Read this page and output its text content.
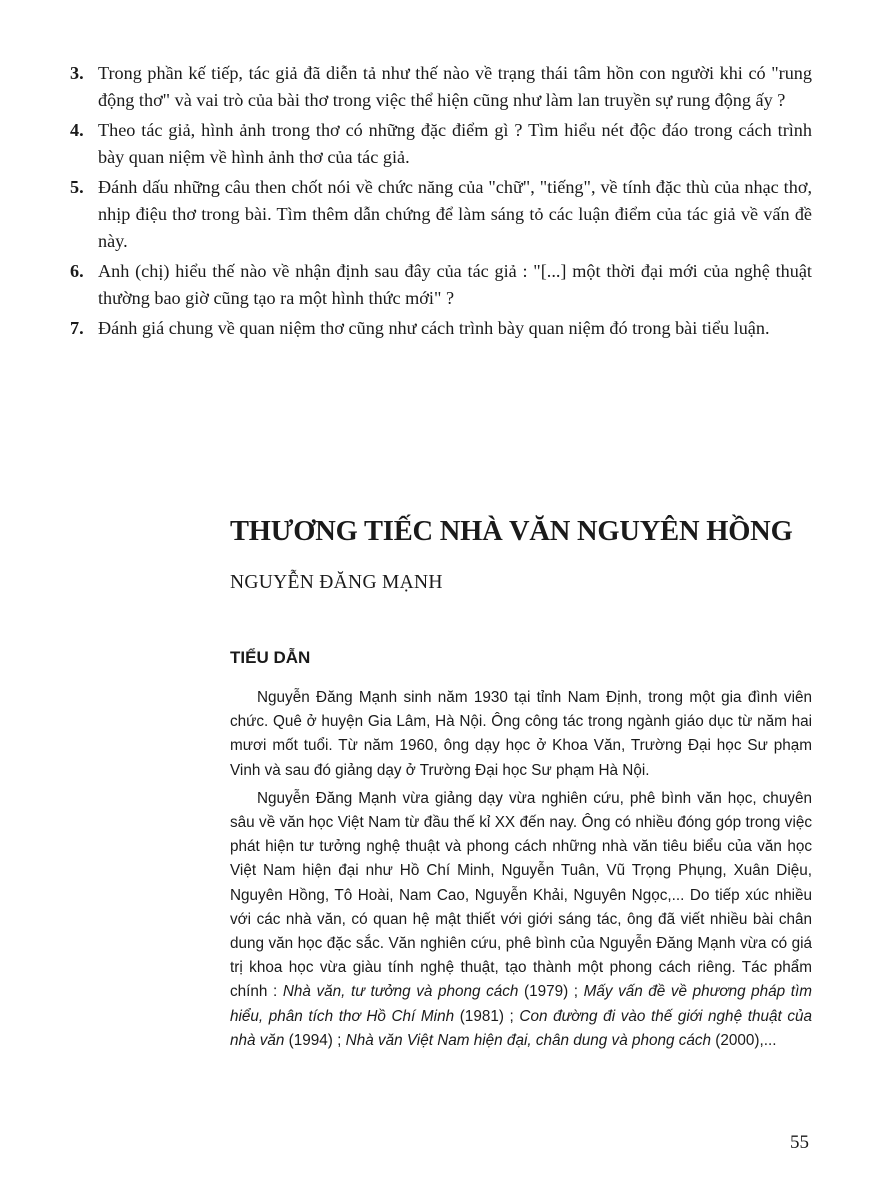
3. Trong phần kế tiếp, tác giả đã diễn tả như thế nào về trạng thái tâm hồn con người khi có "rung động thơ" và vai trò của bài thơ trong việc thể hiện cũng như làm lan truyền sự rung động ấy ?
4. Theo tác giả, hình ảnh trong thơ có những đặc điểm gì ? Tìm hiểu nét độc đáo trong cách trình bày quan niệm về hình ảnh thơ của tác giả.
5. Đánh dấu những câu then chốt nói về chức năng của "chữ", "tiếng", về tính đặc thù của nhạc thơ, nhịp điệu thơ trong bài. Tìm thêm dẫn chứng để làm sáng tỏ các luận điểm của tác giả về vấn đề này.
6. Anh (chị) hiểu thế nào về nhận định sau đây của tác giả : "[...] một thời đại mới của nghệ thuật thường bao giờ cũng tạo ra một hình thức mới" ?
7. Đánh giá chung về quan niệm thơ cũng như cách trình bày quan niệm đó trong bài tiểu luận.
THƯƠNG TIẾC NHÀ VĂN NGUYÊN HỒNG
NGUYỄN ĐĂNG MẠNH
TIỂU DẪN

Nguyễn Đăng Mạnh sinh năm 1930 tại tỉnh Nam Định, trong một gia đình viên chức. Quê ở huyện Gia Lâm, Hà Nội. Ông công tác trong ngành giáo dục từ năm hai mươi mốt tuổi. Từ năm 1960, ông dạy học ở Khoa Văn, Trường Đại học Sư phạm Vinh và sau đó giảng dạy ở Trường Đại học Sư phạm Hà Nội.

Nguyễn Đăng Mạnh vừa giảng dạy vừa nghiên cứu, phê bình văn học, chuyên sâu về văn học Việt Nam từ đầu thế kỉ XX đến nay. Ông có nhiều đóng góp trong việc phát hiện tư tưởng nghệ thuật và phong cách những nhà văn tiêu biểu của văn học Việt Nam hiện đại như Hồ Chí Minh, Nguyễn Tuân, Vũ Trọng Phụng, Xuân Diệu, Nguyên Hồng, Tô Hoài, Nam Cao, Nguyễn Khải, Nguyên Ngọc,... Do tiếp xúc nhiều với các nhà văn, có quan hệ mật thiết với giới sáng tác, ông đã viết nhiều bài chân dung văn học đặc sắc. Văn nghiên cứu, phê bình của Nguyễn Đăng Mạnh vừa có giá trị khoa học vừa giàu tính nghệ thuật, tạo thành một phong cách riêng. Tác phẩm chính : Nhà văn, tư tưởng và phong cách (1979) ; Mấy vấn đề về phương pháp tìm hiểu, phân tích thơ Hồ Chí Minh (1981) ; Con đường đi vào thế giới nghệ thuật của nhà văn (1994) ; Nhà văn Việt Nam hiện đại, chân dung và phong cách (2000),...

55
